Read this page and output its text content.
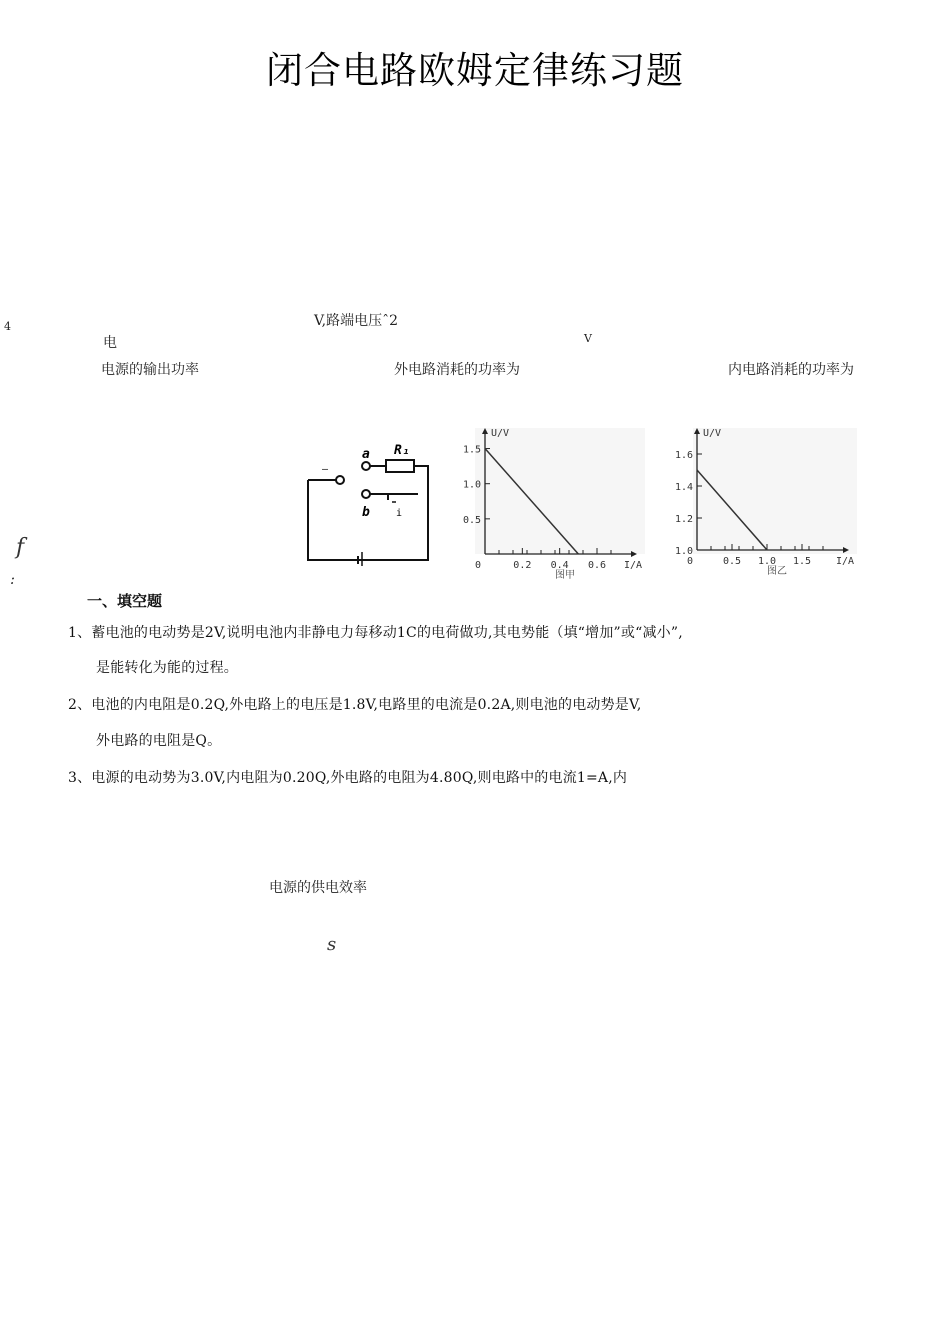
闭合电路欧姆定律练习题
V,路端电压ˆ2
4
电	V
电源的输出功率	外电路消耗的功率为	内电路消耗的功率为
a
b
R₁
—
i
0.2 0.4 0.6
0.5
1.0
1.5
0	I/A
U/V
图甲
0.5 1.0 1.5
1.0
1.2
1.4
1.6
0	I/A
U/V
图乙
f
:
一、填空题
1、蓄电池的电动势是2V,说明电池内非静电力每移动1C的电荷做功,其电势能（填“增加”或“减小”,
是能转化为能的过程。
2、电池的内电阻是0.2Q,外电路上的电压是1.8V,电路里的电流是0.2A,则电池的电动势是V,
外电路的电阻是Q。
3、电源的电动势为3.0V,内电阻为0.20Q,外电路的电阻为4.80Q,则电路中的电流1=A,内
电源的供电效率
s
